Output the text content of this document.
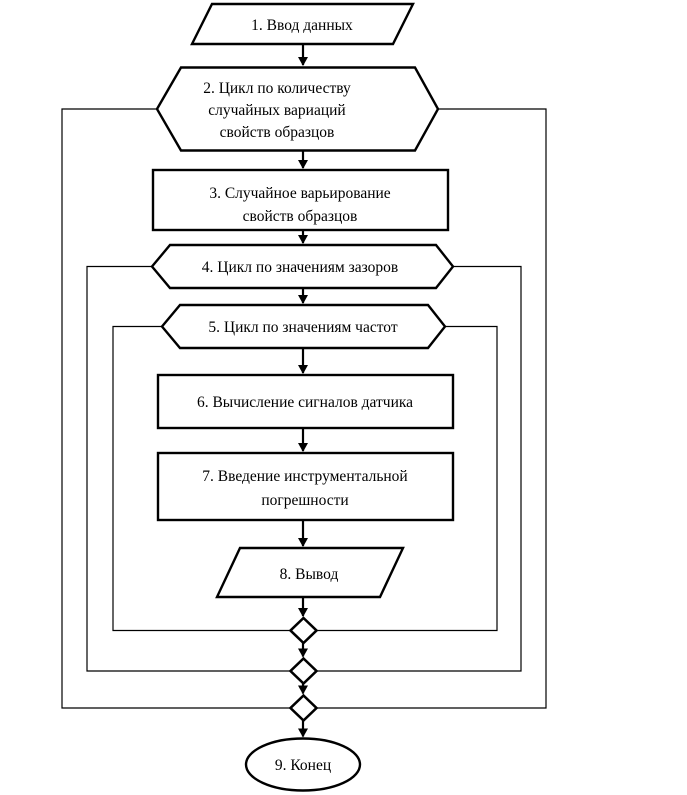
1. Ввод данных
2. Цикл по количеству
случайных вариаций
свойств образцов
3. Случайное варьирование
свойств образцов
4. Цикл по значениям зазоров
5. Цикл по значениям частот
6. Вычисление сигналов датчика
7. Введение инструментальной
погрешности
8. Вывод
9. Конец
